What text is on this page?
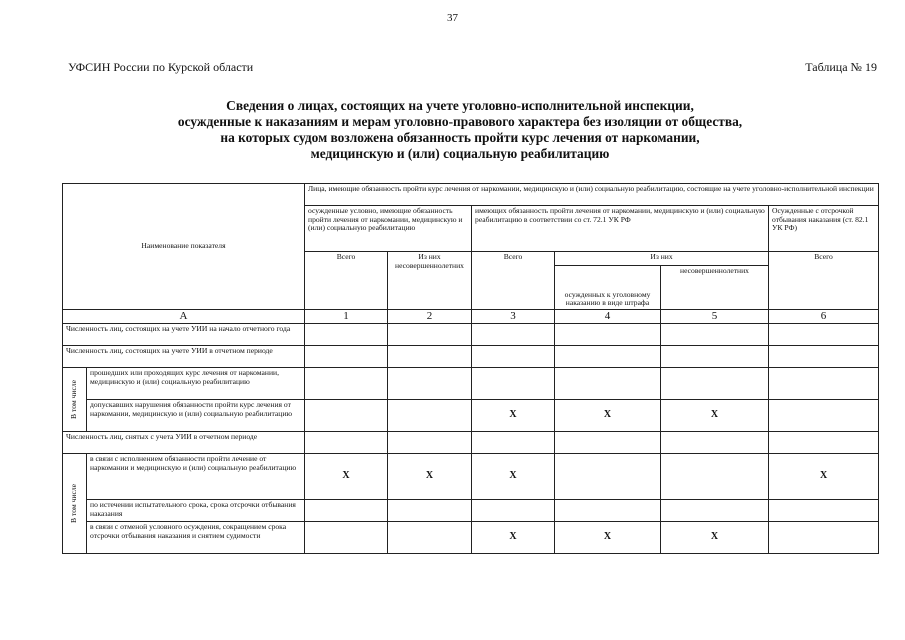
37
УФСИН России по Курской области	Таблица № 19
Сведения о лицах, состоящих на учете уголовно-исполнительной инспекции,
осужденные к наказаниям и мерам уголовно-правового характера без изоляции от общества,
на которых судом возложена обязанность пройти курс лечения от наркомании,
медицинскую и (или) социальную реабилитацию
Наименование показателя		Лица, имеющие обязанность пройти курс лечения от наркомании, медицинскую и (или) социальную реабилитацию, состоящие на учете уголовно-исполнительной инспекции					
		осужденные условно, имеющие обязанность пройти лечения от наркомании, медицинскую и (или) социальную реабилитацию		имеющих обязанность пройти лечения от наркомании, медицинскую и (или) социальную реабилитацию в соответствии со ст. 72.1 УК РФ			Осужденные с отсрочкой отбывания наказания (ст. 82.1 УК РФ)
		Всего	Из них несовершеннолетних	Всего	Из них		Всего
					осужденных к уголовному наказанию в виде штрафа	несовершеннолетних	
А		1	2	3	4	5	6
Численность лиц, состоящих на учете УИИ на начало отчетного года							
Численность лиц, состоящих на учете УИИ в отчетном периоде							

В том числе	прошедших или проходящих курс лечения от наркомании, медицинскую и (или) социальную реабилитацию						
	допускавших нарушения обязанности пройти курс лечения от наркомании, медицинскую и (или) социальную реабилитацию			Х	Х	Х	
Численность лиц, снятых с учета УИИ в отчетном периоде							

В том числе	в связи с исполнением обязанности пройти лечение от наркомании и медицинскую и (или) социальную реабилитацию	Х	Х	Х			Х
	по истечении испытательного срока, срока отсрочки отбывания наказания						
	в связи с отменой условного осуждения, сокращением срока отсрочки отбывания наказания и снятием судимости			Х	Х	Х	
